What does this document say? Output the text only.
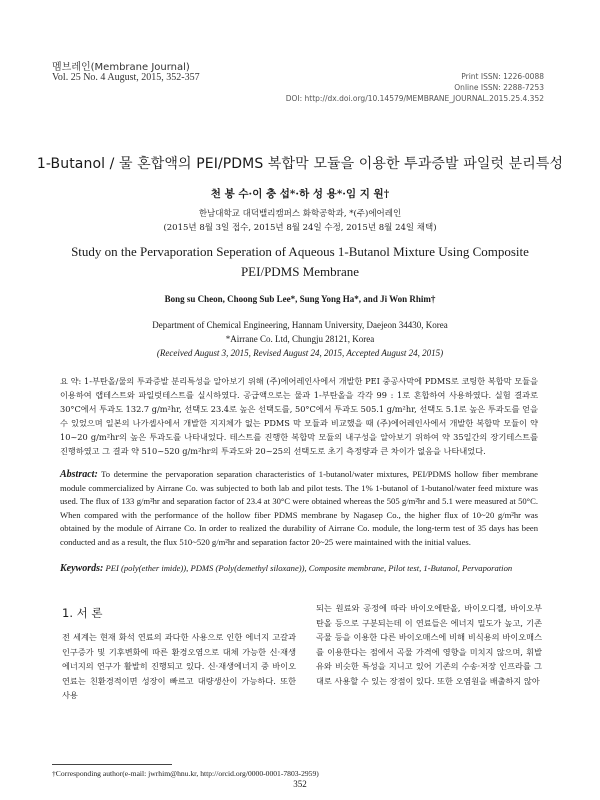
멤브레인(Membrane Journal)
Vol. 25 No. 4 August, 2015, 352-357	Print ISSN: 1226-0088
Online ISSN: 2288-7253
DOI: http://dx.doi.org/10.14579/MEMBRANE_JOURNAL.2015.25.4.352
1-Butanol / 물 혼합액의 PEI/PDMS 복합막 모듈을 이용한 투과증발 파일럿 분리특성
천 봉 수·이 충 섭*·하 성 용*·임 지 원†
한남대학교 대덕밸리캠퍼스 화학공학과, *(주)에어레인
(2015년 8월 3일 접수, 2015년 8월 24일 수정, 2015년 8월 24일 채택)
Study on the Pervaporation Seperation of Aqueous 1-Butanol Mixture Using Composite PEI/PDMS Membrane
Bong su Cheon, Choong Sub Lee*, Sung Yong Ha*, and Ji Won Rhim†
Department of Chemical Engineering, Hannam University, Daejeon 34430, Korea
*Airrane Co. Ltd, Chungju 28121, Korea
(Received August 3, 2015, Revised August 24, 2015, Accepted August 24, 2015)
요 약: 1-부탄올/물의 투과증발 분리특성을 알아보기 위해 (주)에어레인사에서 개발한 PEI 중공사막에 PDMS로 코팅한 복합막 모듈을 이용하여 랩테스트와 파일럿테스트를 실시하였다. 공급액으로는 물과 1-부탄올을 각각 99 : 1로 혼합하여 사용하였다. 실험 결과로 30°C에서 투과도 132.7 g/m²hr, 선택도 23.4로 높은 선택도를, 50°C에서 투과도 505.1 g/m²hr, 선택도 5.1로 높은 투과도를 얻을 수 있었으며 일본의 나가셉사에서 개발한 지지체가 없는 PDMS 막 모듈과 비교했을 때 (주)에어레인사에서 개발한 복합막 모듈이 약 10~20 g/m²hr의 높은 투과도를 나타내었다. 테스트를 진행한 복합막 모듈의 내구성을 알아보기 위하여 약 35일간의 장기테스트를 진행하였고 그 결과 약 510~520 g/m²hr의 투과도와 20~25의 선택도로 초기 측정량과 큰 차이가 없음을 나타내었다.
Abstract: To determine the pervaporation separation characteristics of 1-butanol/water mixtures, PEI/PDMS hollow fiber membrane module commercialized by Airrane Co. was subjected to both lab and pilot tests. The 1% 1-butanol of 1-butanol/water feed mixture was used. The flux of 133 g/m²hr and separation factor of 23.4 at 30°C were obtained whereas the 505 g/m²hr and 5.1 were measured at 50°C. When compared with the performance of the hollow fiber PDMS membrane by Nagasep Co., the higher flux of 10~20 g/m²hr was obtained by the module of Airrane Co. In order to realized the durability of Airrane Co. module, the long-term test of 35 days has been conducted and as a result, the flux 510~520 g/m²hr and separation factor 20~25 were maintained with the initial values.
Keywords: PEI (poly(ether imide)), PDMS (Poly(demethyl siloxane)), Composite membrane, Pilot test, 1-Butanol, Pervaporation
1. 서 론
전 세계는 현재 화석 연료의 과다한 사용으로 인한 에너지 고갈과 인구증가 및 기후변화에 따른 환경오염으로 대체 가능한 신·재생에너지의 연구가 활발히 진행되고 있다. 신·재생에너지 중 바이오연료는 친환경적이면 성장이 빠르고 대량생산이 가능하다. 또한 사용
되는 원료와 공정에 따라 바이오에탄올, 바이오디젤, 바이오부탄올 등으로 구분되는데 이 연료들은 에너지 밀도가 높고, 기존 곡물 등을 이용한 다른 바이오매스에 비해 비식용의 바이오매스를 이용한다는 점에서 곡물 가격에 영향을 미치지 않으며, 휘발유와 비슷한 특성을 지니고 있어 기존의 수송·저장 인프라를 그대로 사용할 수 있는 장점이 있다. 또한 오염원을 배출하지 않아
†Corresponding author(e-mail: jwrhim@hnu.kr, http://orcid.org/0000-0001-7803-2959)
352
